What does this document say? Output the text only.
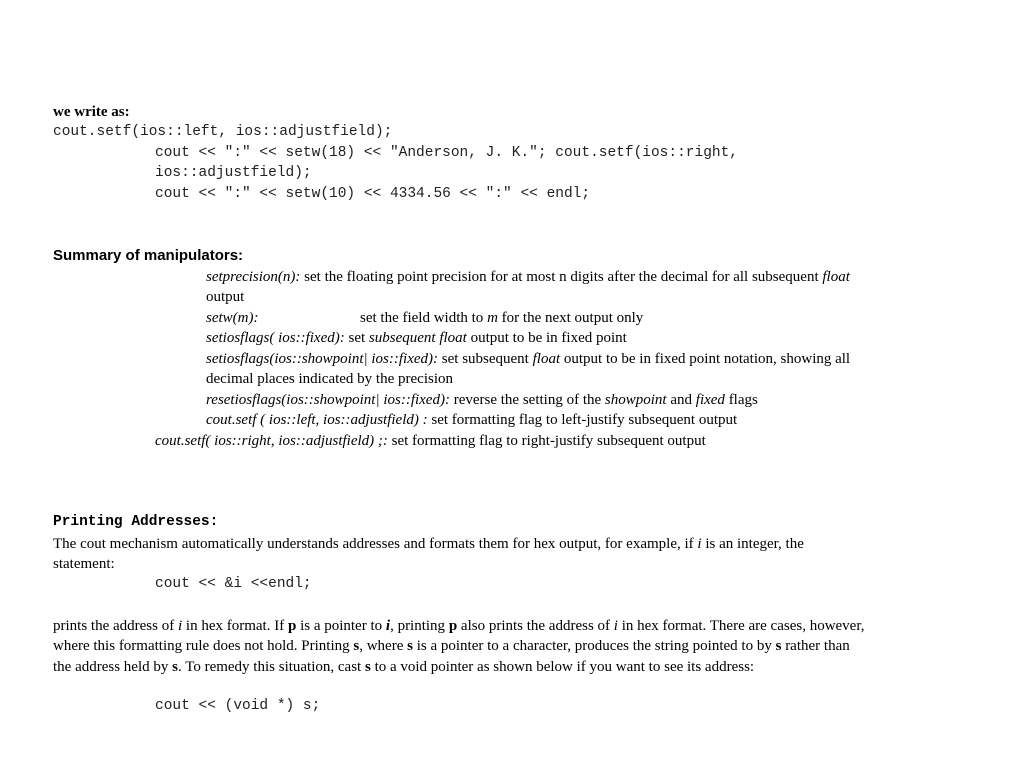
we write as:
cout.setf(ios::left, ios::adjustfield);
cout << ":" << setw(18) << "Anderson, J. K."; cout.setf(ios::right,
ios::adjustfield);
cout << ":" << setw(10) << 4334.56 << ":" << endl;
Summary of manipulators:
setprecision(n): set the floating point precision for at most n digits after the decimal for all subsequent float
output
setw(m):	set the field width to m for the next output only
setiosflags( ios::fixed): set subsequent float output to be in fixed point
setiosflags(ios::showpoint| ios::fixed): set subsequent float output to be in fixed point notation, showing all
decimal places indicated by the precision
resetiosflags(ios::showpoint| ios::fixed): reverse the setting of the showpoint and fixed flags
cout.setf ( ios::left, ios::adjustfield) : set formatting flag to left-justify subsequent output
cout.setf( ios::right, ios::adjustfield) ;: set formatting flag to right-justify subsequent output
Printing Addresses:
The cout mechanism automatically understands addresses and formats them for hex output, for example, if i is an integer, the
statement:
cout << &i <<endl;
prints the address of i in hex format. If p is a pointer to i, printing p also prints the address of i in hex format. There are cases, however,
where this formatting rule does not hold. Printing s, where s is a pointer to a character, produces the string pointed to by s rather than
the address held by s. To remedy this situation, cast s to a void pointer as shown below if you want to see its address:
cout << (void *) s;
